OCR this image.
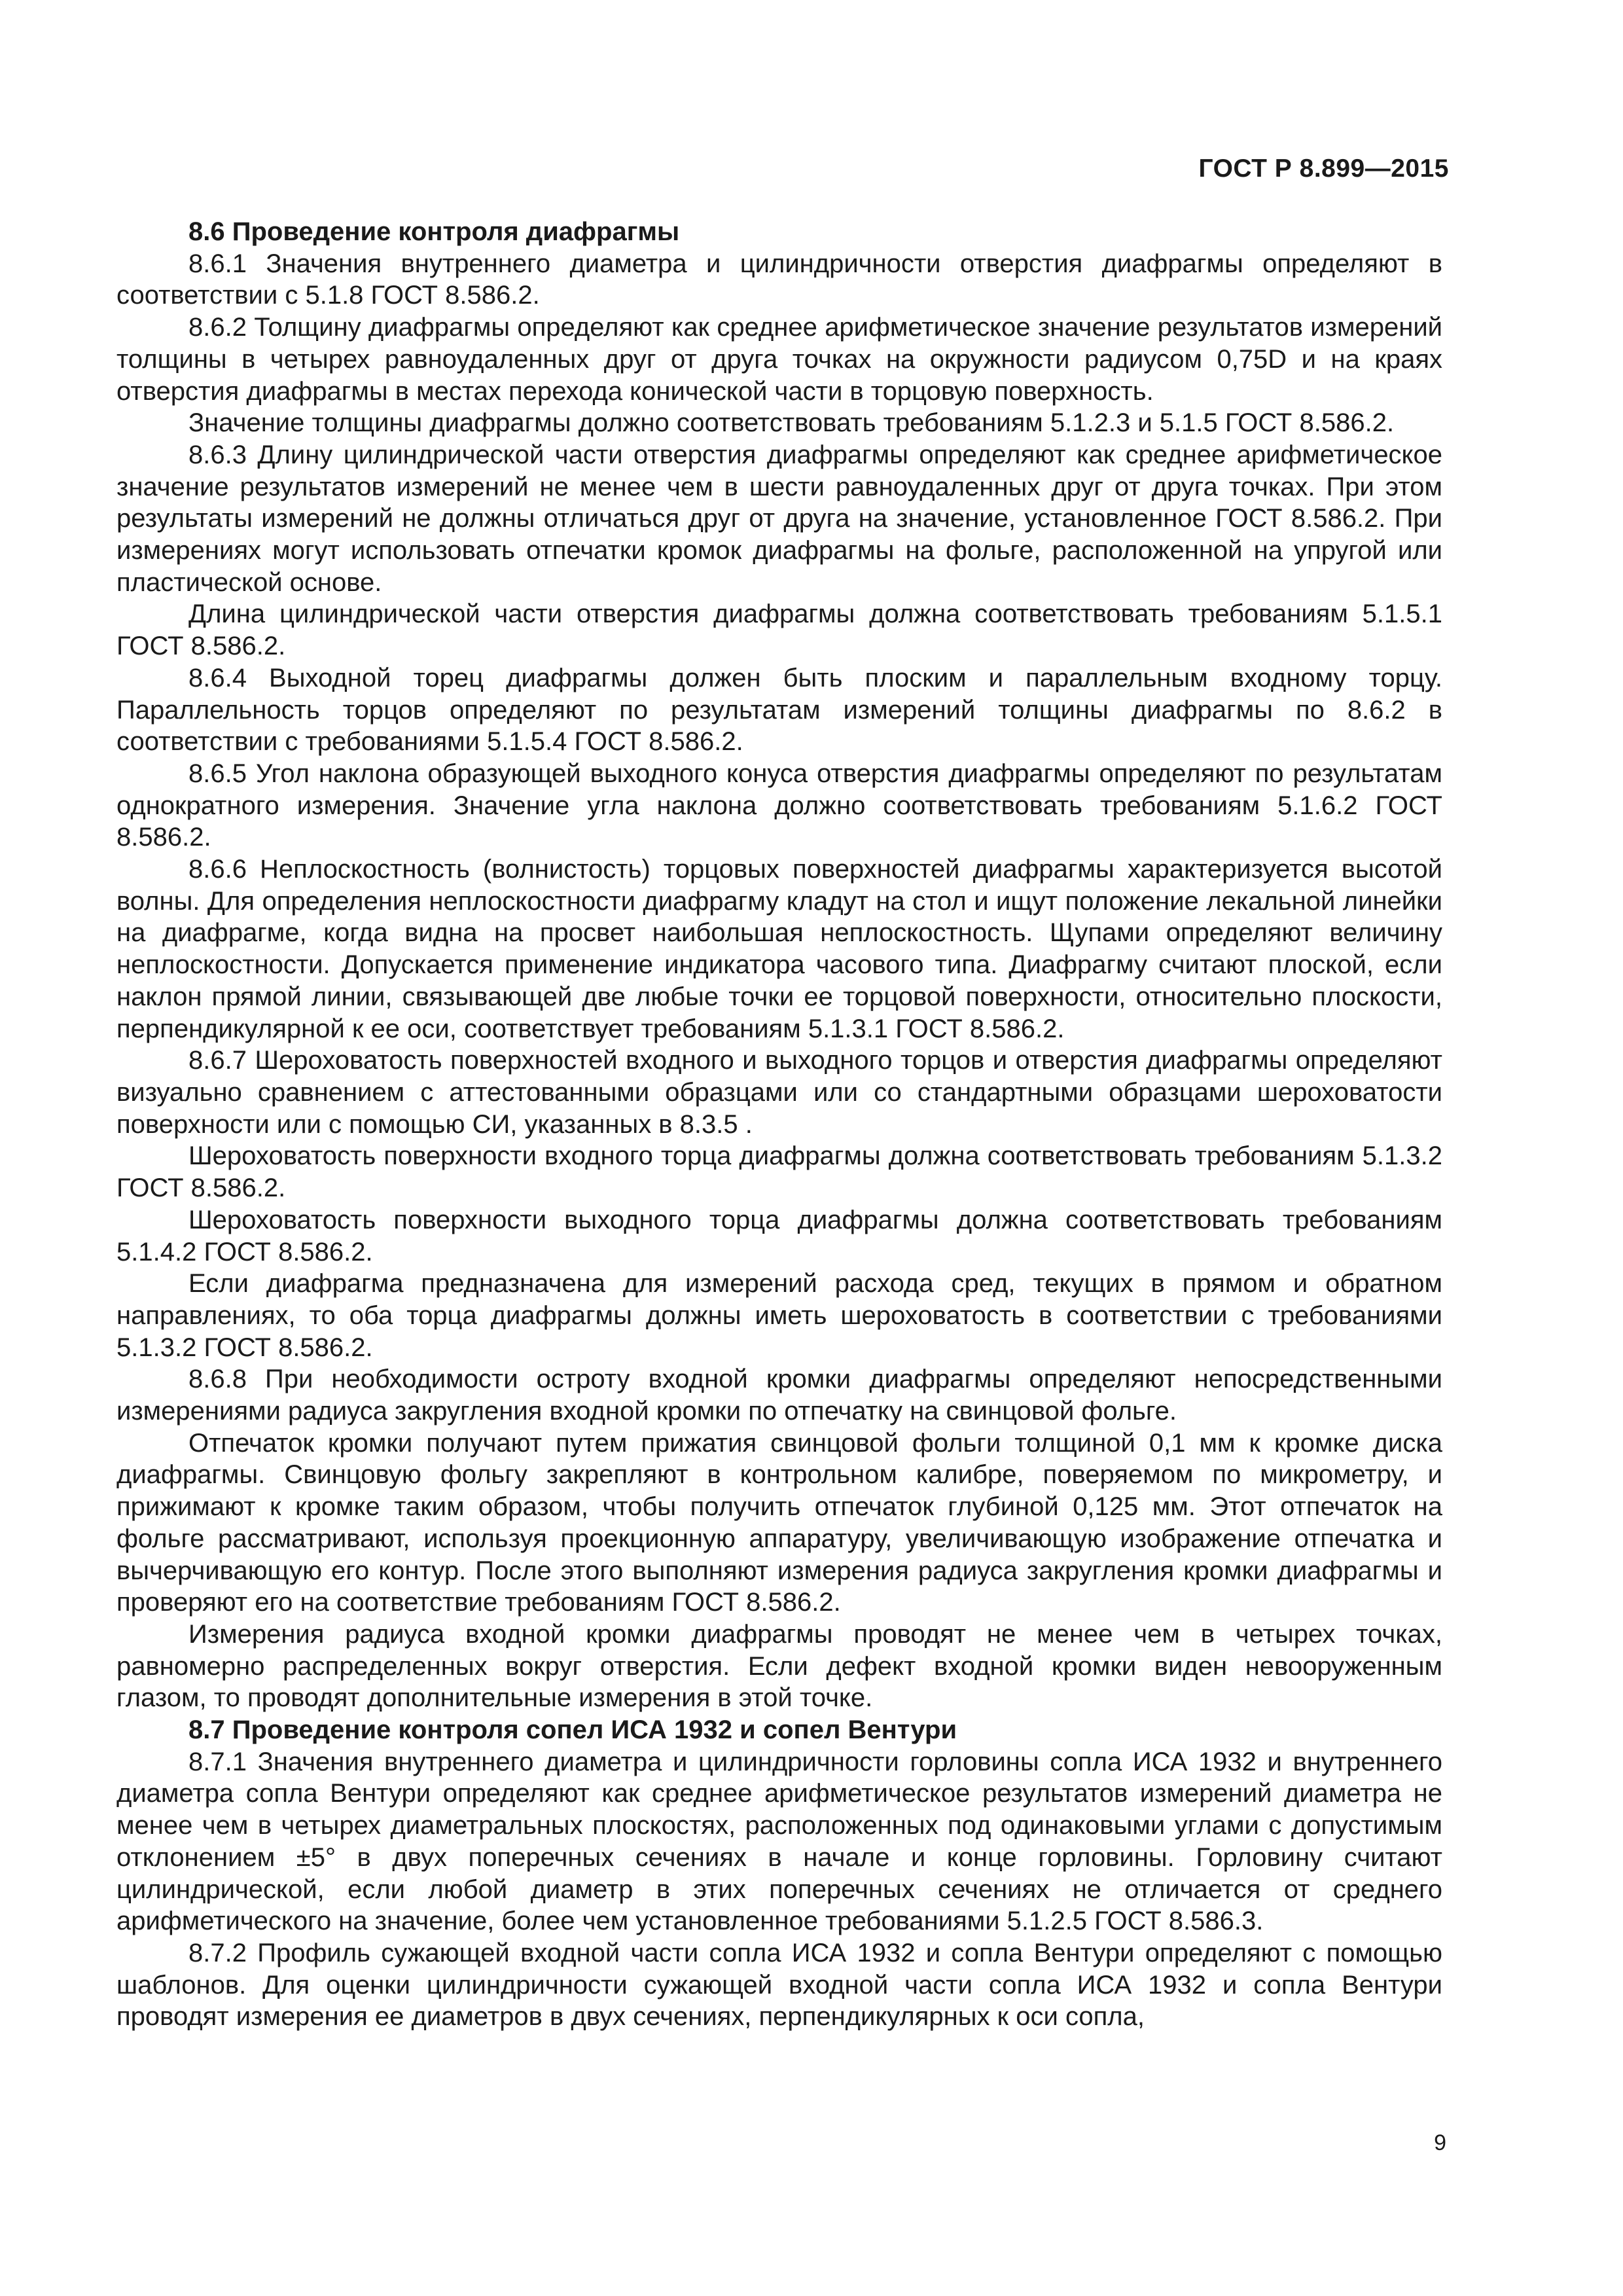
ГОСТ Р 8.899—2015

8.6 Проведение контроля диафрагмы

8.6.1 Значения внутреннего диаметра и цилиндричности отверстия диафрагмы определяют в соответствии с 5.1.8 ГОСТ 8.586.2.

8.6.2 Толщину диафрагмы определяют как среднее арифметическое значение результатов измерений толщины в четырех равноудаленных друг от друга точках на окружности радиусом 0,75D и на краях отверстия диафрагмы в местах перехода конической части в торцовую поверхность.

Значение толщины диафрагмы должно соответствовать требованиям 5.1.2.3 и 5.1.5 ГОСТ 8.586.2.

8.6.3 Длину цилиндрической части отверстия диафрагмы определяют как среднее арифметическое значение результатов измерений не менее чем в шести равноудаленных друг от друга точках. При этом результаты измерений не должны отличаться друг от друга на значение, установленное ГОСТ 8.586.2. При измерениях могут использовать отпечатки кромок диафрагмы на фольге, расположенной на упругой или пластической основе.

Длина цилиндрической части отверстия диафрагмы должна соответствовать требованиям 5.1.5.1 ГОСТ 8.586.2.

8.6.4 Выходной торец диафрагмы должен быть плоским и параллельным входному торцу. Параллельность торцов определяют по результатам измерений толщины диафрагмы по 8.6.2 в соответствии с требованиями 5.1.5.4 ГОСТ 8.586.2.

8.6.5 Угол наклона образующей выходного конуса отверстия диафрагмы определяют по результатам однократного измерения. Значение угла наклона должно соответствовать требованиям 5.1.6.2 ГОСТ 8.586.2.

8.6.6 Неплоскостность (волнистость) торцовых поверхностей диафрагмы характеризуется высотой волны. Для определения неплоскостности диафрагму кладут на стол и ищут положение лекальной линейки на диафрагме, когда видна на просвет наибольшая неплоскостность. Щупами определяют величину неплоскостности. Допускается применение индикатора часового типа. Диафрагму считают плоской, если наклон прямой линии, связывающей две любые точки ее торцовой поверхности, относительно плоскости, перпендикулярной к ее оси, соответствует требованиям 5.1.3.1 ГОСТ 8.586.2.

8.6.7 Шероховатость поверхностей входного и выходного торцов и отверстия диафрагмы определяют визуально сравнением с аттестованными образцами или со стандартными образцами шероховатости поверхности или с помощью СИ, указанных в 8.3.5 .

Шероховатость поверхности входного торца диафрагмы должна соответствовать требованиям 5.1.3.2 ГОСТ 8.586.2.

Шероховатость поверхности выходного торца диафрагмы должна соответствовать требованиям 5.1.4.2 ГОСТ 8.586.2.

Если диафрагма предназначена для измерений расхода сред, текущих в прямом и обратном направлениях, то оба торца диафрагмы должны иметь шероховатость в соответствии с требованиями 5.1.3.2 ГОСТ 8.586.2.

8.6.8 При необходимости остроту входной кромки диафрагмы определяют непосредственными измерениями радиуса закругления входной кромки по отпечатку на свинцовой фольге.

Отпечаток кромки получают путем прижатия свинцовой фольги толщиной 0,1 мм к кромке диска диафрагмы. Свинцовую фольгу закрепляют в контрольном калибре, поверяемом по микрометру, и прижимают к кромке таким образом, чтобы получить отпечаток глубиной 0,125 мм. Этот отпечаток на фольге рассматривают, используя проекционную аппаратуру, увеличивающую изображение отпечатка и вычерчивающую его контур. После этого выполняют измерения радиуса закругления кромки диафрагмы и проверяют его на соответствие требованиям ГОСТ 8.586.2.

Измерения радиуса входной кромки диафрагмы проводят не менее чем в четырех точках, равномерно распределенных вокруг отверстия. Если дефект входной кромки виден невооруженным глазом, то проводят дополнительные измерения в этой точке.

8.7 Проведение контроля сопел ИСА 1932 и сопел Вентури

8.7.1 Значения внутреннего диаметра и цилиндричности горловины сопла ИСА 1932 и внутреннего диаметра сопла Вентури определяют как среднее арифметическое результатов измерений диаметра не менее чем в четырех диаметральных плоскостях, расположенных под одинаковыми углами с допустимым отклонением ±5° в двух поперечных сечениях в начале и конце горловины. Горловину считают цилиндрической, если любой диаметр в этих поперечных сечениях не отличается от среднего арифметического на значение, более чем установленное требованиями 5.1.2.5 ГОСТ 8.586.3.

8.7.2 Профиль сужающей входной части сопла ИСА 1932 и сопла Вентури определяют с помощью шаблонов. Для оценки цилиндричности сужающей входной части сопла ИСА 1932 и сопла Вентури проводят измерения ее диаметров в двух сечениях, перпендикулярных к оси сопла,

9
